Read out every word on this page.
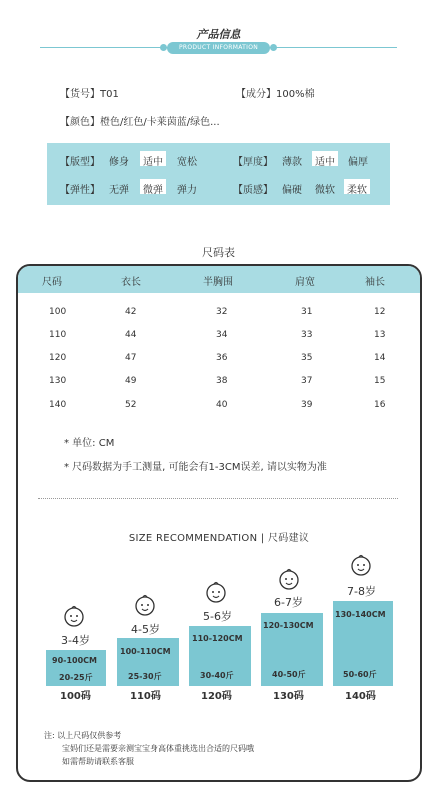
产品信息
PRODUCT INFORMATION
【货号】T01	【成分】100%棉
【颜色】橙色/红色/卡莱茵蓝/绿色...
【版型】 修身 适中 宽松	【厚度】 薄款 适中 偏厚
【弹性】 无弹 微弹 弹力	【质感】 偏硬 微软 柔软
尺码表
尺码	衣长	半胸围	肩宽	袖长
100	42	32	31	12
110	44	34	33	13
120	47	36	35	14
130	49	38	37	15
140	52	40	39	16
* 单位: CM
* 尺码数据为手工测量, 可能会有1-3CM误差, 请以实物为准
SIZE RECOMMENDATION | 尺码建议
3-4岁
90-100CM
20-25斤
100码
4-5岁
100-110CM
25-30斤
110码
5-6岁
110-120CM
30-40斤
120码
6-7岁
120-130CM
40-50斤
130码
7-8岁
130-140CM
50-60斤
140码
注: 以上尺码仅供参考
宝妈们还是需要亲测宝宝身高体重挑选出合适的尺码哦
如需帮助请联系客服
